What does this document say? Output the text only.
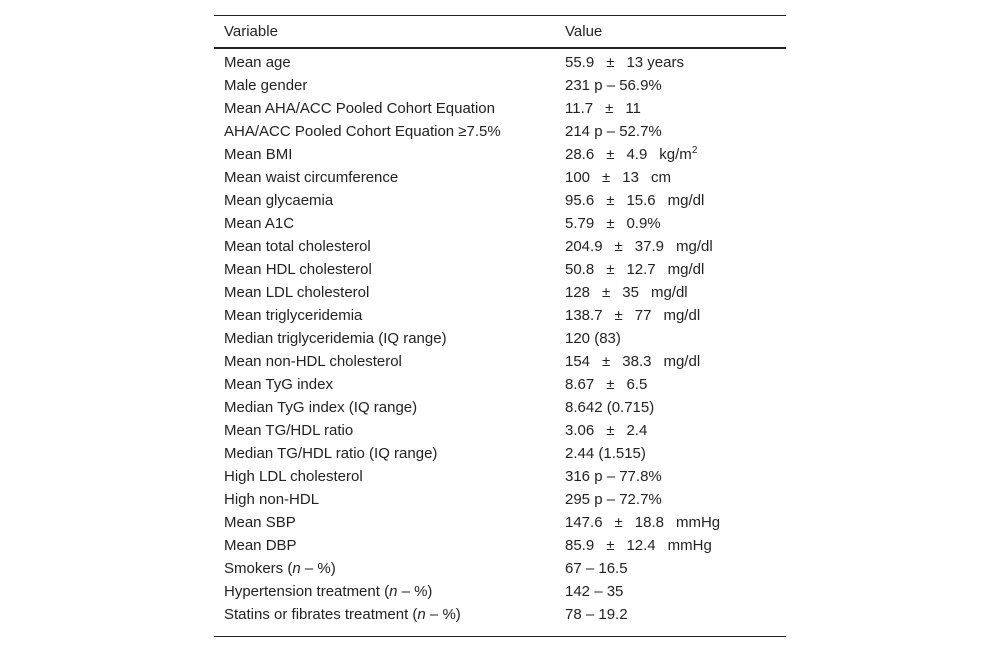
Variable	Value
Mean age	55.9 ± 13 years
Male gender	231 p – 56.9%
Mean AHA/ACC Pooled Cohort Equation	11.7 ± 11
AHA/ACC Pooled Cohort Equation ≥7.5%	214 p – 52.7%
Mean BMI	28.6 ± 4.9 $kg/m^2$
Mean waist circumference	100 ± 13 cm
Mean glycaemia	95.6 ± 15.6 mg/dl
Mean A1C	5.79 ± 0.9%
Mean total cholesterol	204.9 ± 37.9 mg/dl
Mean HDL cholesterol	50.8 ± 12.7 mg/dl
Mean LDL cholesterol	128 ± 35 mg/dl
Mean triglyceridemia	138.7 ± 77 mg/dl
Median triglyceridemia (IQ range)	120 (83)
Mean non-HDL cholesterol	154 ± 38.3 mg/dl
Mean TyG index	8.67 ± 6.5
Median TyG index (IQ range)	8.642 (0.715)
Mean TG/HDL ratio	3.06 ± 2.4
Median TG/HDL ratio (IQ range)	2.44 (1.515)
High LDL cholesterol	316 p – 77.8%
High non-HDL	295 p – 72.7%
Mean SBP	147.6 ± 18.8 mmHg
Mean DBP	85.9 ± 12.4 mmHg
Smokers (n – %)	67 – 16.5
Hypertension treatment (n – %)	142 – 35
Statins or fibrates treatment (n – %)	78 – 19.2
